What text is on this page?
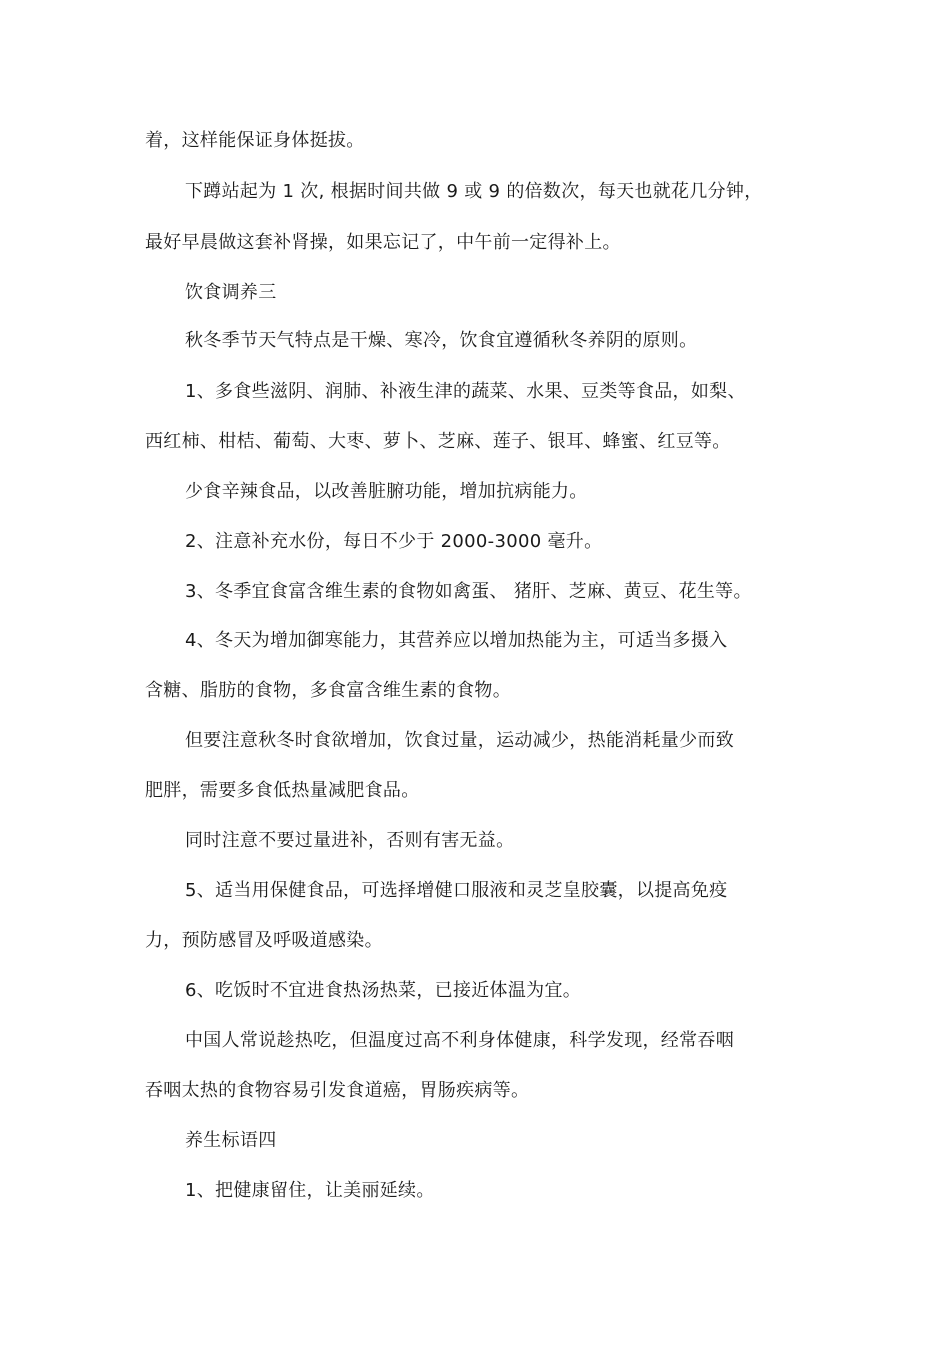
着，这样能保证身体挺拔。
下蹲站起为 1 次, 根据时间共做 9 或 9 的倍数次，每天也就花几分钟，
最好早晨做这套补肾操，如果忘记了，中午前一定得补上。
饮食调养三
秋冬季节天气特点是干燥、寒冷，饮食宜遵循秋冬养阴的原则。
1、多食些滋阴、润肺、补液生津的蔬菜、水果、豆类等食品，如梨、
西红柿、柑桔、葡萄、大枣、萝卜、芝麻、莲子、银耳、蜂蜜、红豆等。
少食辛辣食品，以改善脏腑功能，增加抗病能力。
2、注意补充水份，每日不少于 2000-3000 毫升。
3、冬季宜食富含维生素的食物如禽蛋、 猪肝、芝麻、黄豆、花生等。
4、冬天为增加御寒能力，其营养应以增加热能为主，可适当多摄入
含糖、脂肪的食物，多食富含维生素的食物。
但要注意秋冬时食欲增加，饮食过量，运动减少，热能消耗量少而致
肥胖，需要多食低热量减肥食品。
同时注意不要过量进补，否则有害无益。
5、适当用保健食品，可选择增健口服液和灵芝皇胶囊，以提高免疫
力，预防感冒及呼吸道感染。
6、吃饭时不宜进食热汤热菜，已接近体温为宜。
中国人常说趁热吃，但温度过高不利身体健康，科学发现，经常吞咽
吞咽太热的食物容易引发食道癌，胃肠疾病等。
养生标语四
1、把健康留住，让美丽延续。
